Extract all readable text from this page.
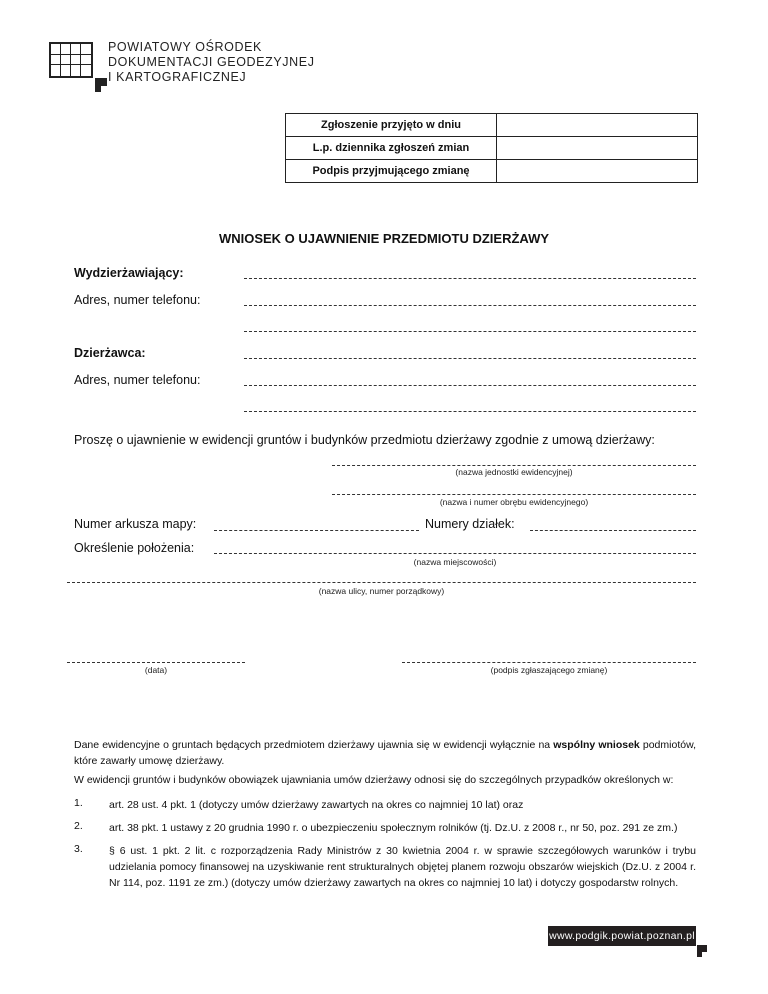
POWIATOWY OŚRODEK
DOKUMENTACJI GEODEZYJNEJ
I KARTOGRAFICZNEJ
Zgłoszenie przyjęto w dniu	
L.p. dziennika zgłoszeń zmian	
Podpis przyjmującego zmianę	
WNIOSEK O UJAWNIENIE PRZEDMIOTU DZIERŻAWY
Wydzierżawiający:
Adres, numer telefonu:
Dzierżawca:
Adres, numer telefonu:
Proszę o ujawnienie w ewidencji gruntów i budynków przedmiotu dzierżawy zgodnie z umową dzierżawy:
(nazwa jednostki ewidencyjnej)
(nazwa i numer obrębu ewidencyjnego)
Numer arkusza mapy:	Numery działek:
Określenie położenia:
(nazwa miejscowości)
(nazwa ulicy, numer porządkowy)
(data)	(podpis zgłaszającego zmianę)
Dane ewidencyjne o gruntach będących przedmiotem dzierżawy ujawnia się w ewidencji wyłącznie na wspólny wniosek podmiotów, które zawarły umowę dzierżawy.
W ewidencji gruntów i budynków obowiązek ujawniania umów dzierżawy odnosi się do szczególnych przypadków określonych w:
1. art. 28 ust. 4 pkt. 1 (dotyczy umów dzierżawy zawartych na okres co najmniej 10 lat) oraz
2. art. 38 pkt. 1 ustawy z 20 grudnia 1990 r. o ubezpieczeniu społecznym rolników (tj. Dz.U. z 2008 r., nr 50, poz. 291 ze zm.)
3. § 6 ust. 1 pkt. 2 lit. c rozporządzenia Rady Ministrów z 30 kwietnia 2004 r. w sprawie szczegółowych warunków i trybu udzielania pomocy finansowej na uzyskiwanie rent strukturalnych objętej planem rozwoju obszarów wiejskich (Dz.U. z 2004 r. Nr 114, poz. 1191 ze zm.) (dotyczy umów dzierżawy zawartych na okres co najmniej 10 lat) i dotyczy gospodarstw rolnych.
www.podgik.powiat.poznan.pl
